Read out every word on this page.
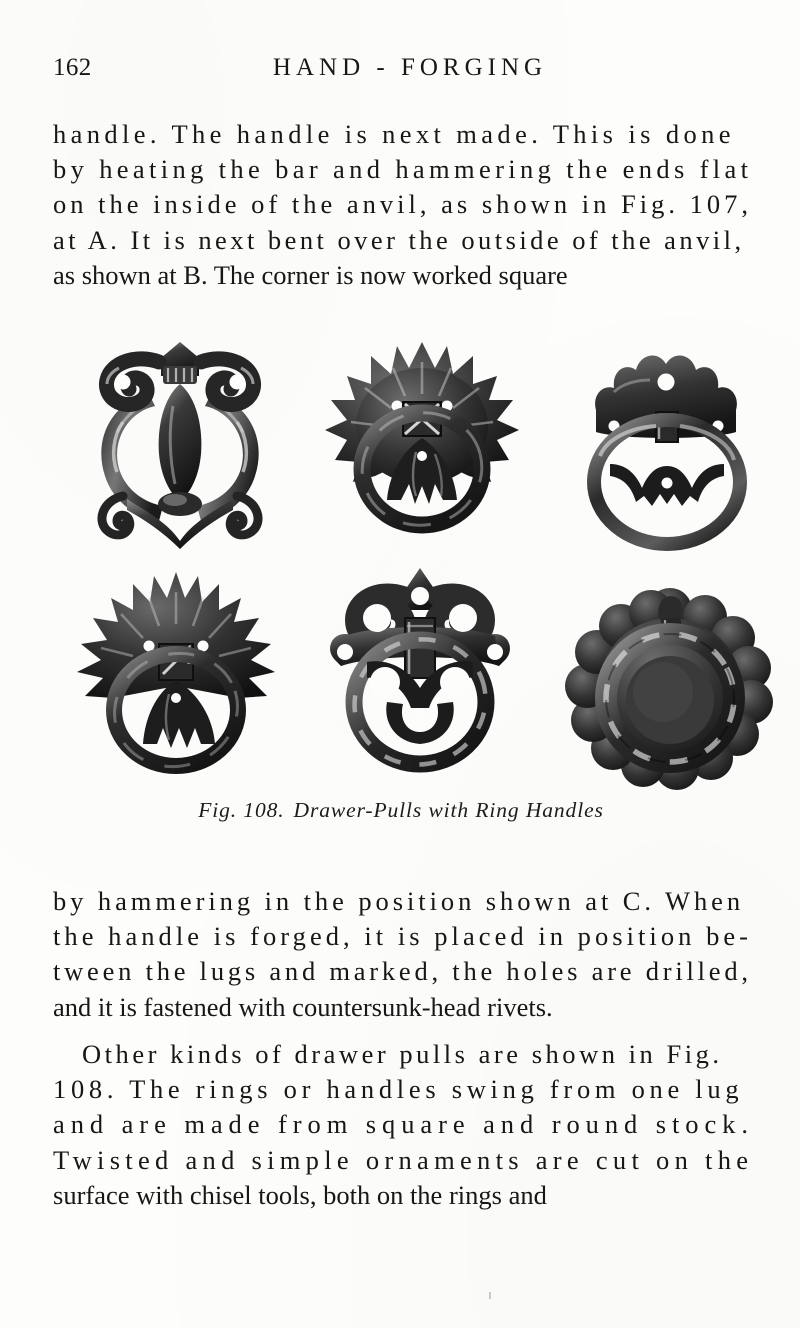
162	HAND - FORGING
handle. The handle is next made. This is done
by heating the bar and hammering the ends flat
on the inside of the anvil, as shown in Fig. 107,
at A. It is next bent over the outside of the anvil,
as shown at B. The corner is now worked square
Fig. 108. Drawer-Pulls with Ring Handles
by hammering in the position shown at C. When
the handle is forged, it is placed in position be-
tween the lugs and marked, the holes are drilled,
and it is fastened with countersunk-head rivets.
Other kinds of drawer pulls are shown in Fig.
108. The rings or handles swing from one lug
and are made from square and round stock.
Twisted and simple ornaments are cut on the
surface with chisel tools, both on the rings and
